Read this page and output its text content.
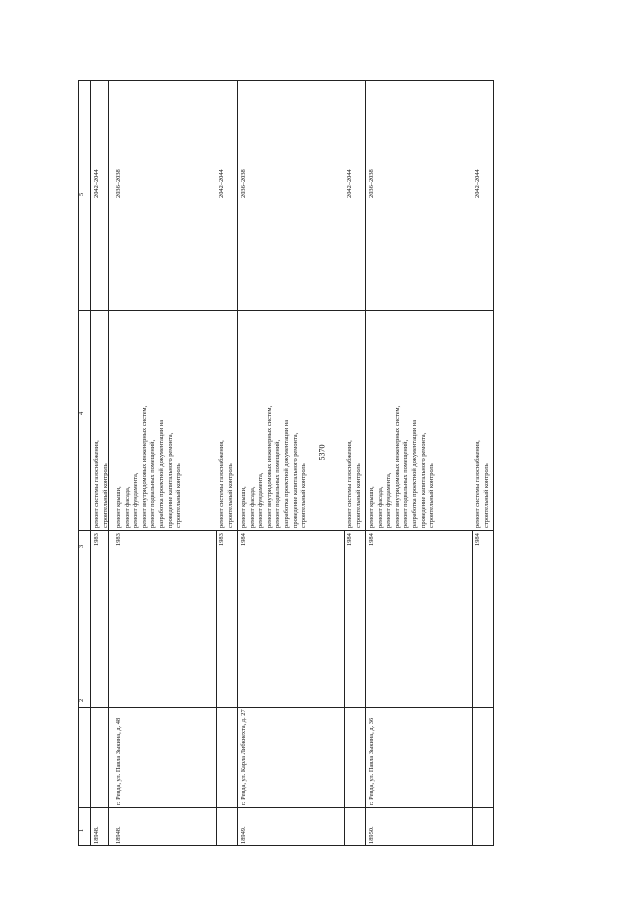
5370
1
2
3
4
5
18948. 18948.
г. Ревда, ул. Павла Зыкина, д. 48
1983
ремонт системы газоснабжения, строительный контроль
2042–2044
1983
ремонт крыши, ремонт фасада, ремонт фундамента, ремонт внутридомовых инженерных систем, ремонт подвальных помещений, разработка проектной документации на проведение капитального ремонта, строительный контроль
2036–2038
1983
ремонт системы газоснабжения, строительный контроль
2042–2044
18949.
г. Ревда, ул. Карла Либкнехта, д. 27
1984
ремонт крыши, ремонт фасада, ремонт фундамента, ремонт внутридомовых инженерных систем, ремонт подвальных помещений, разработка проектной документации на проведение капитального ремонта, строительный контроль
2036–2038
1984
ремонт системы газоснабжения, строительный контроль
2042–2044
18950.
г. Ревда, ул. Павла Зыкина, д. 36
1984
ремонт крыши, ремонт фасада, ремонт фундамента, ремонт внутридомовых инженерных систем, ремонт подвальных помещений, разработка проектной документации на проведение капитального ремонта, строительный контроль
2036–2038
1984
ремонт системы газоснабжения, строительный контроль
2042–2044
